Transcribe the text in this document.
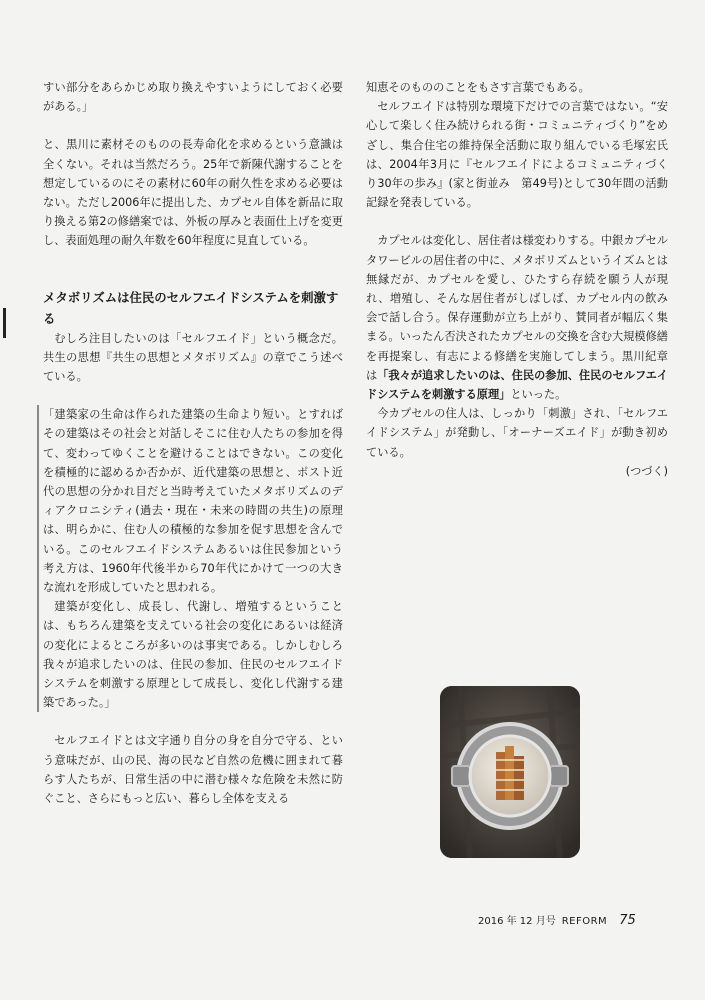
すい部分をあらかじめ取り換えやすいようにしておく必要がある。」

と、黒川に素材そのものの長寿命化を求めるという意識は全くない。それは当然だろう。25年で新陳代謝することを想定しているのにその素材に60年の耐久性を求める必要はない。ただし2006年に提出した、カプセル自体を新品に取り換える第2の修繕案では、外板の厚みと表面仕上げを変更し、表面処理の耐久年数を60年程度に見直している。

メタボリズムは住民のセルフエイドシステムを刺激する

むしろ注目したいのは「セルフエイド」という概念だ。共生の思想『共生の思想とメタボリズム』の章でこう述べている。

「建築家の生命は作られた建築の生命より短い。とすればその建築はその社会と対話しそこに住む人たちの参加を得て、変わってゆくことを避けることはできない。この変化を積極的に認めるか否かが、近代建築の思想と、ポスト近代の思想の分かれ目だと当時考えていたメタボリズムのディアクロニシティ(過去・現在・未来の時間の共生)の原理は、明らかに、住む人の積極的な参加を促す思想を含んでいる。このセルフエイドシステムあるいは住民参加という考え方は、1960年代後半から70年代にかけて一つの大きな流れを形成していたと思われる。

建築が変化し、成長し、代謝し、増殖するということは、もちろん建築を支えている社会の変化にあるいは経済の変化によるところが多いのは事実である。しかしむしろ我々が追求したいのは、住民の参加、住民のセルフエイドシステムを刺激する原理として成長し、変化し代謝する建築であった。」

セルフエイドとは文字通り自分の身を自分で守る、という意味だが、山の民、海の民など自然の危機に囲まれて暮らす人たちが、日常生活の中に潜む様々な危険を未然に防ぐこと、さらにもっと広い、暮らし全体を支える

知恵そのもののことをもさす言葉でもある。

セルフエイドは特別な環境下だけでの言葉ではない。“安心して楽しく住み続けられる街・コミュニティづくり”をめざし、集合住宅の維持保全活動に取り組んでいる毛塚宏氏は、2004年3月に『セルフエイドによるコミュニティづくり30年の歩み』(家と街並み　第49号)として30年間の活動記録を発表している。

カプセルは変化し、居住者は様変わりする。中銀カプセルタワービルの居住者の中に、メタボリズムというイズムとは無縁だが、カプセルを愛し、ひたすら存続を願う人が現れ、増殖し、そんな居住者がしばしば、カプセル内の飲み会で話し合う。保存運動が立ち上がり、賛同者が幅広く集まる。いったん否決されたカプセルの交換を含む大規模修繕を再提案し、有志による修繕を実施してしまう。黒川紀章は「我々が追求したいのは、住民の参加、住民のセルフエイドシステムを刺激する原理」といった。

今カプセルの住人は、しっかり「刺激」され、「セルフエイドシステム」が発動し、「オーナーズエイド」が動き初めている。

(つづく)

2016 年 12 月号 REFORM 75
